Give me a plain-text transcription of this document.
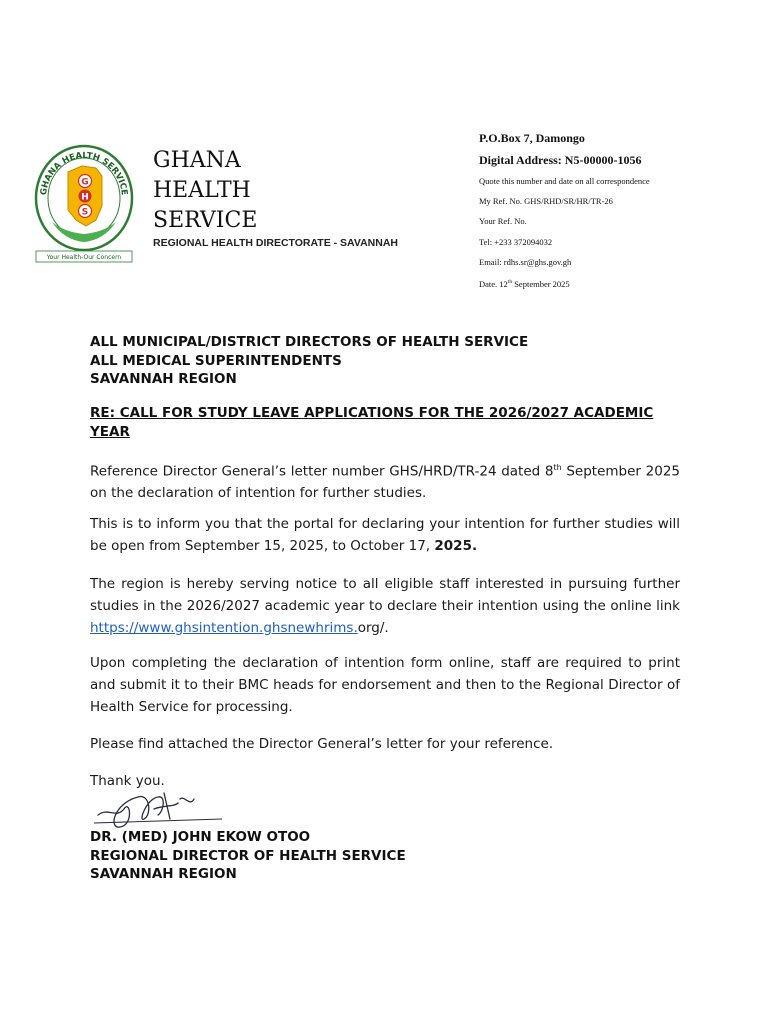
GHANA HEALTH SERVICE
G
H
S
Your Health-Our Concern
GHANA
HEALTH
SERVICE
REGIONAL HEALTH DIRECTORATE - SAVANNAH
P.O.Box 7, Damongo
Digital Address: N5-00000-1056
Quote this number and date on all correspondence
My Ref. No. GHS/RHD/SR/HR/TR-26
Your Ref. No.
Tel: +233 372094032
Email: rdhs.sr@ghs.gov.gh
Date. 12th September 2025
ALL MUNICIPAL/DISTRICT DIRECTORS OF HEALTH SERVICE
ALL MEDICAL SUPERINTENDENTS
SAVANNAH REGION
RE: CALL FOR STUDY LEAVE APPLICATIONS FOR THE 2026/2027 ACADEMIC YEAR

Reference Director General’s letter number GHS/HRD/TR-24 dated 8th September 2025 on the declaration of intention for further studies.

This is to inform you that the portal for declaring your intention for further studies will be open from September 15, 2025, to October 17, 2025.

The region is hereby serving notice to all eligible staff interested in pursuing further studies in the 2026/2027 academic year to declare their intention using the online link https://www.ghsintention.ghsnewhrims.org/.

Upon completing the declaration of intention form online, staff are required to print and submit it to their BMC heads for endorsement and then to the Regional Director of Health Service for processing.

Please find attached the Director General’s letter for your reference.

Thank you.

DR. (MED) JOHN EKOW OTOO
REGIONAL DIRECTOR OF HEALTH SERVICE
SAVANNAH REGION
